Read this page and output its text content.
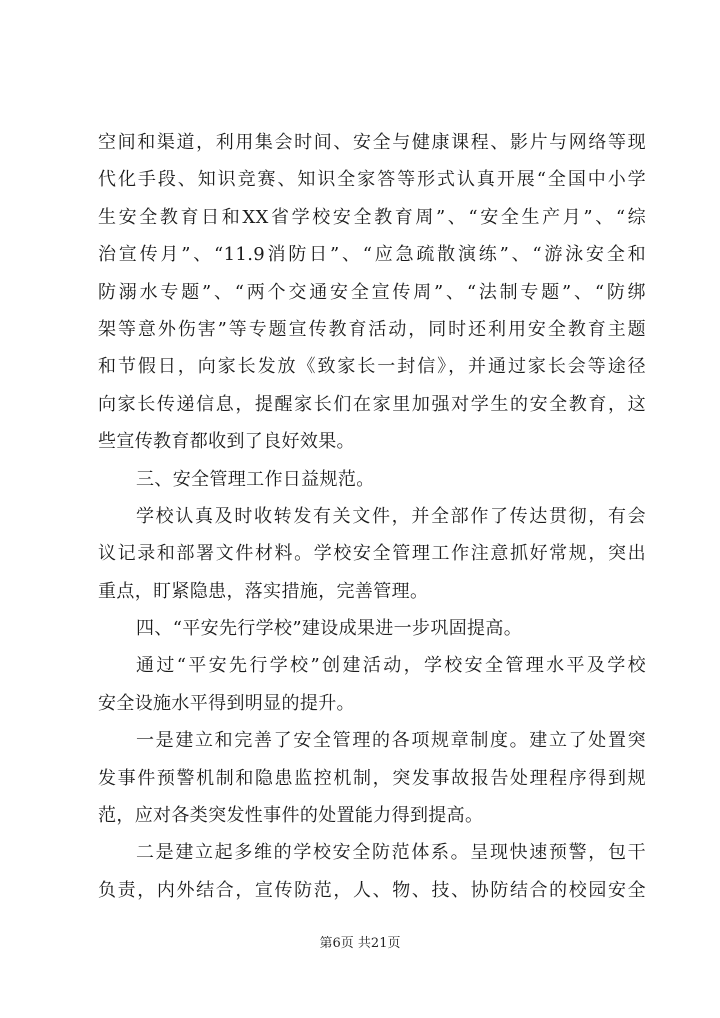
空间和渠道，利用集会时间、安全与健康课程、影片与网络等现
代化手段、知识竞赛、知识全家答等形式认真开展“全国中小学
生安全教育日和XX省学校安全教育周”、“安全生产月”、“综
治宣传月”、“11.9消防日”、“应急疏散演练”、“游泳安全和
防溺水专题”、“两个交通安全宣传周”、“法制专题”、“防绑
架等意外伤害”等专题宣传教育活动，同时还利用安全教育主题
和节假日，向家长发放《致家长一封信》，并通过家长会等途径
向家长传递信息，提醒家长们在家里加强对学生的安全教育，这
些宣传教育都收到了良好效果。
三、安全管理工作日益规范。
学校认真及时收转发有关文件，并全部作了传达贯彻，有会
议记录和部署文件材料。学校安全管理工作注意抓好常规，突出
重点，盯紧隐患，落实措施，完善管理。
四、“平安先行学校”建设成果进一步巩固提高。
通过“平安先行学校”创建活动，学校安全管理水平及学校
安全设施水平得到明显的提升。
一是建立和完善了安全管理的各项规章制度。建立了处置突
发事件预警机制和隐患监控机制，突发事故报告处理程序得到规
范，应对各类突发性事件的处置能力得到提高。
二是建立起多维的学校安全防范体系。呈现快速预警，包干
负责，内外结合，宣传防范，人、物、技、协防结合的校园安全
第6页 共21页
